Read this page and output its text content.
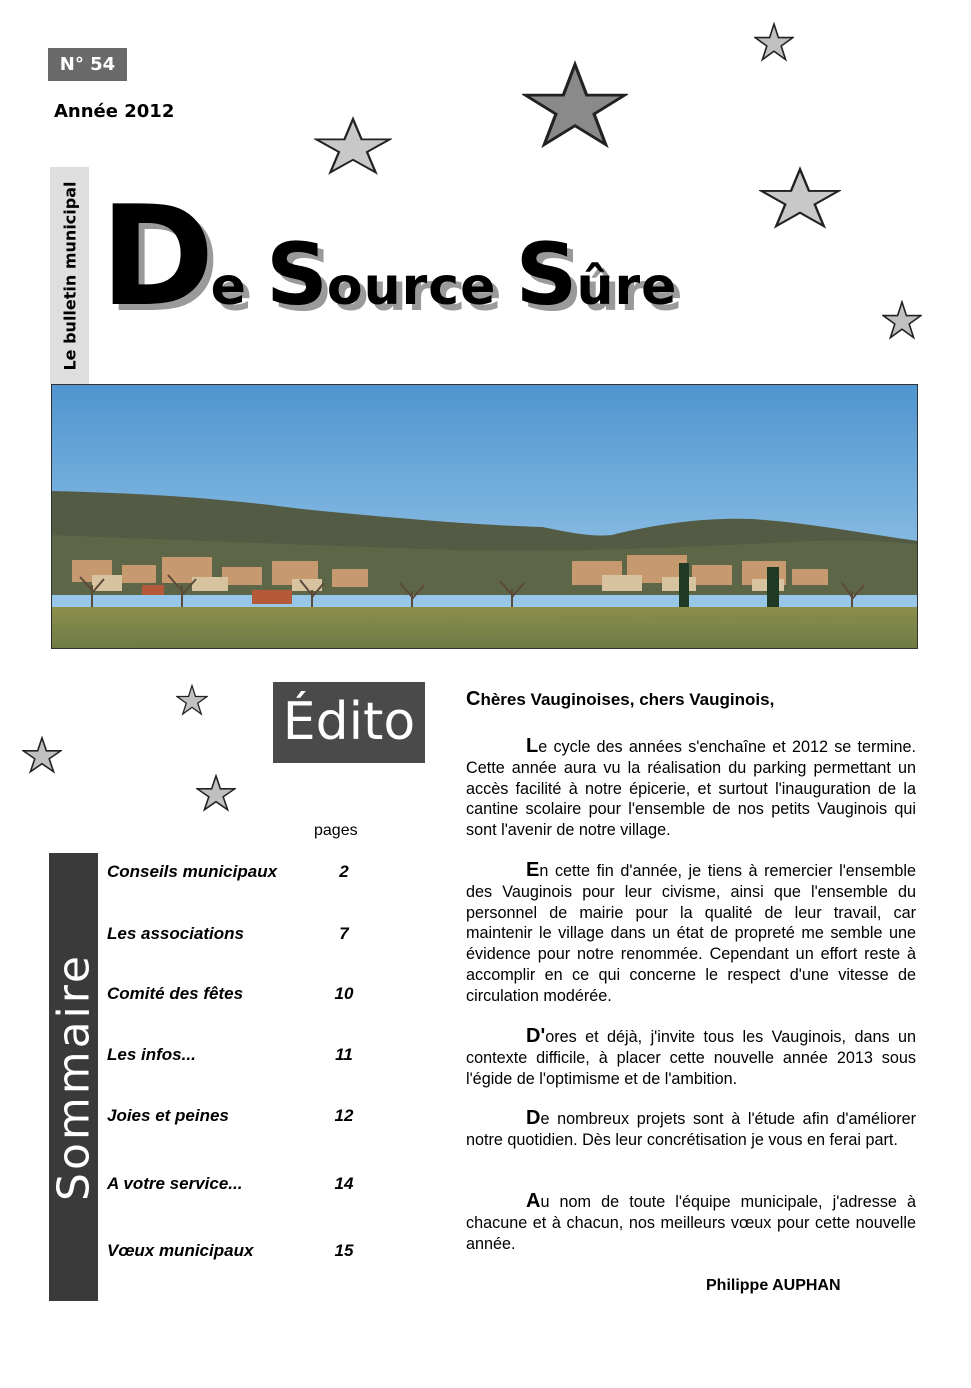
N° 54
Année 2012
Le bulletin municipal De Source Sûre
Édito
pages
Sommaire
Conseils municipaux	2
Les associations	7
Comité des fêtes	10
Les infos...	11
Joies et peines	12
A votre service...	14
Vœux municipaux	15
Chères Vauginoises, chers Vauginois,
Le cycle des années s'enchaîne et 2012 se termine. Cette année aura vu la réalisation du parking permettant un accès facilité à notre épicerie, et surtout l'inauguration de la cantine scolaire pour l'ensemble de nos petits Vauginois qui sont l'avenir de notre village.
En cette fin d'année, je tiens à remercier l'ensemble des Vauginois pour leur civisme, ainsi que l'ensemble du personnel de mairie pour la qualité de leur travail, car maintenir le village dans un état de propreté me semble une évidence pour notre renommée. Cependant un effort reste à accomplir en ce qui concerne le respect d'une vitesse de circulation modérée.
D'ores et déjà, j'invite tous les Vauginois, dans un contexte difficile, à placer cette nouvelle année 2013 sous l'égide de l'optimisme et de l'ambition.
De nombreux projets sont à l'étude afin d'améliorer notre quotidien. Dès leur concrétisation je vous en ferai part.
Au nom de toute l'équipe municipale, j'adresse à chacune et à chacun, nos meilleurs vœux pour cette nouvelle année.
Philippe AUPHAN
